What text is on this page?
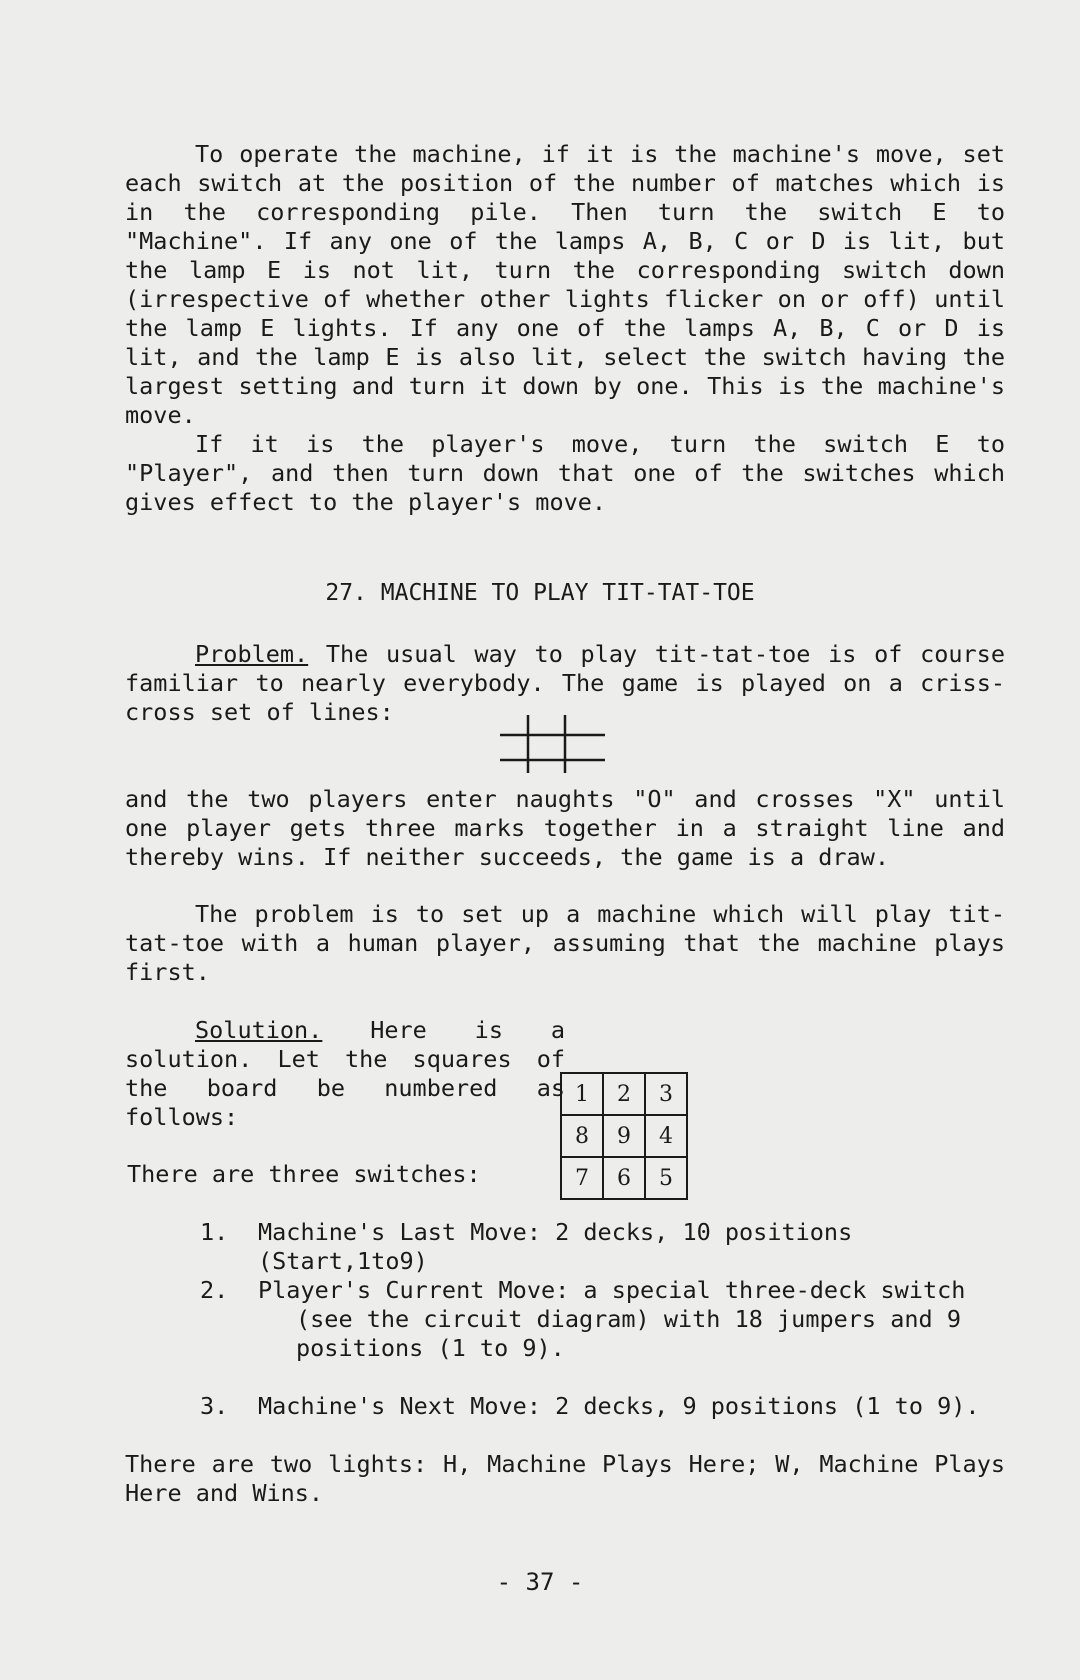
To operate the machine, if it is the machine's move, set each switch at the position of the number of matches which is in the corresponding pile. Then turn the switch E to "Machine". If any one of the lamps A, B, C or D is lit, but the lamp E is not lit, turn the corresponding switch down (irrespective of whether other lights flicker on or off) until the lamp E lights. If any one of the lamps A, B, C or D is lit, and the lamp E is also lit, select the switch having the largest setting and turn it down by one. This is the machine's move.

If it is the player's move, turn the switch E to "Player", and then turn down that one of the switches which gives effect to the player's move.

27. MACHINE TO PLAY TIT-TAT-TOE

Problem. The usual way to play tit-tat-toe is of course familiar to nearly everybody. The game is played on a criss-cross set of lines:

and the two players enter naughts "O" and crosses "X" until one player gets three marks together in a straight line and thereby wins. If neither succeeds, the game is a draw.

The problem is to set up a machine which will play tit-tat-toe with a human player, assuming that the machine plays first.

Solution. Here is a solution. Let the squares of the board be numbered as follows:

1	2	3
8	9	4
7	6	5
There are three switches:
1. Machine's Last Move: 2 decks, 10 positions (Start,1to9)
2. Player's Current Move: a special three-deck switch
(see the circuit diagram) with 18 jumpers and 9 positions (1 to 9).
3. Machine's Next Move: 2 decks, 9 positions (1 to 9).

There are two lights: H, Machine Plays Here; W, Machine Plays Here and Wins.

- 37 -
